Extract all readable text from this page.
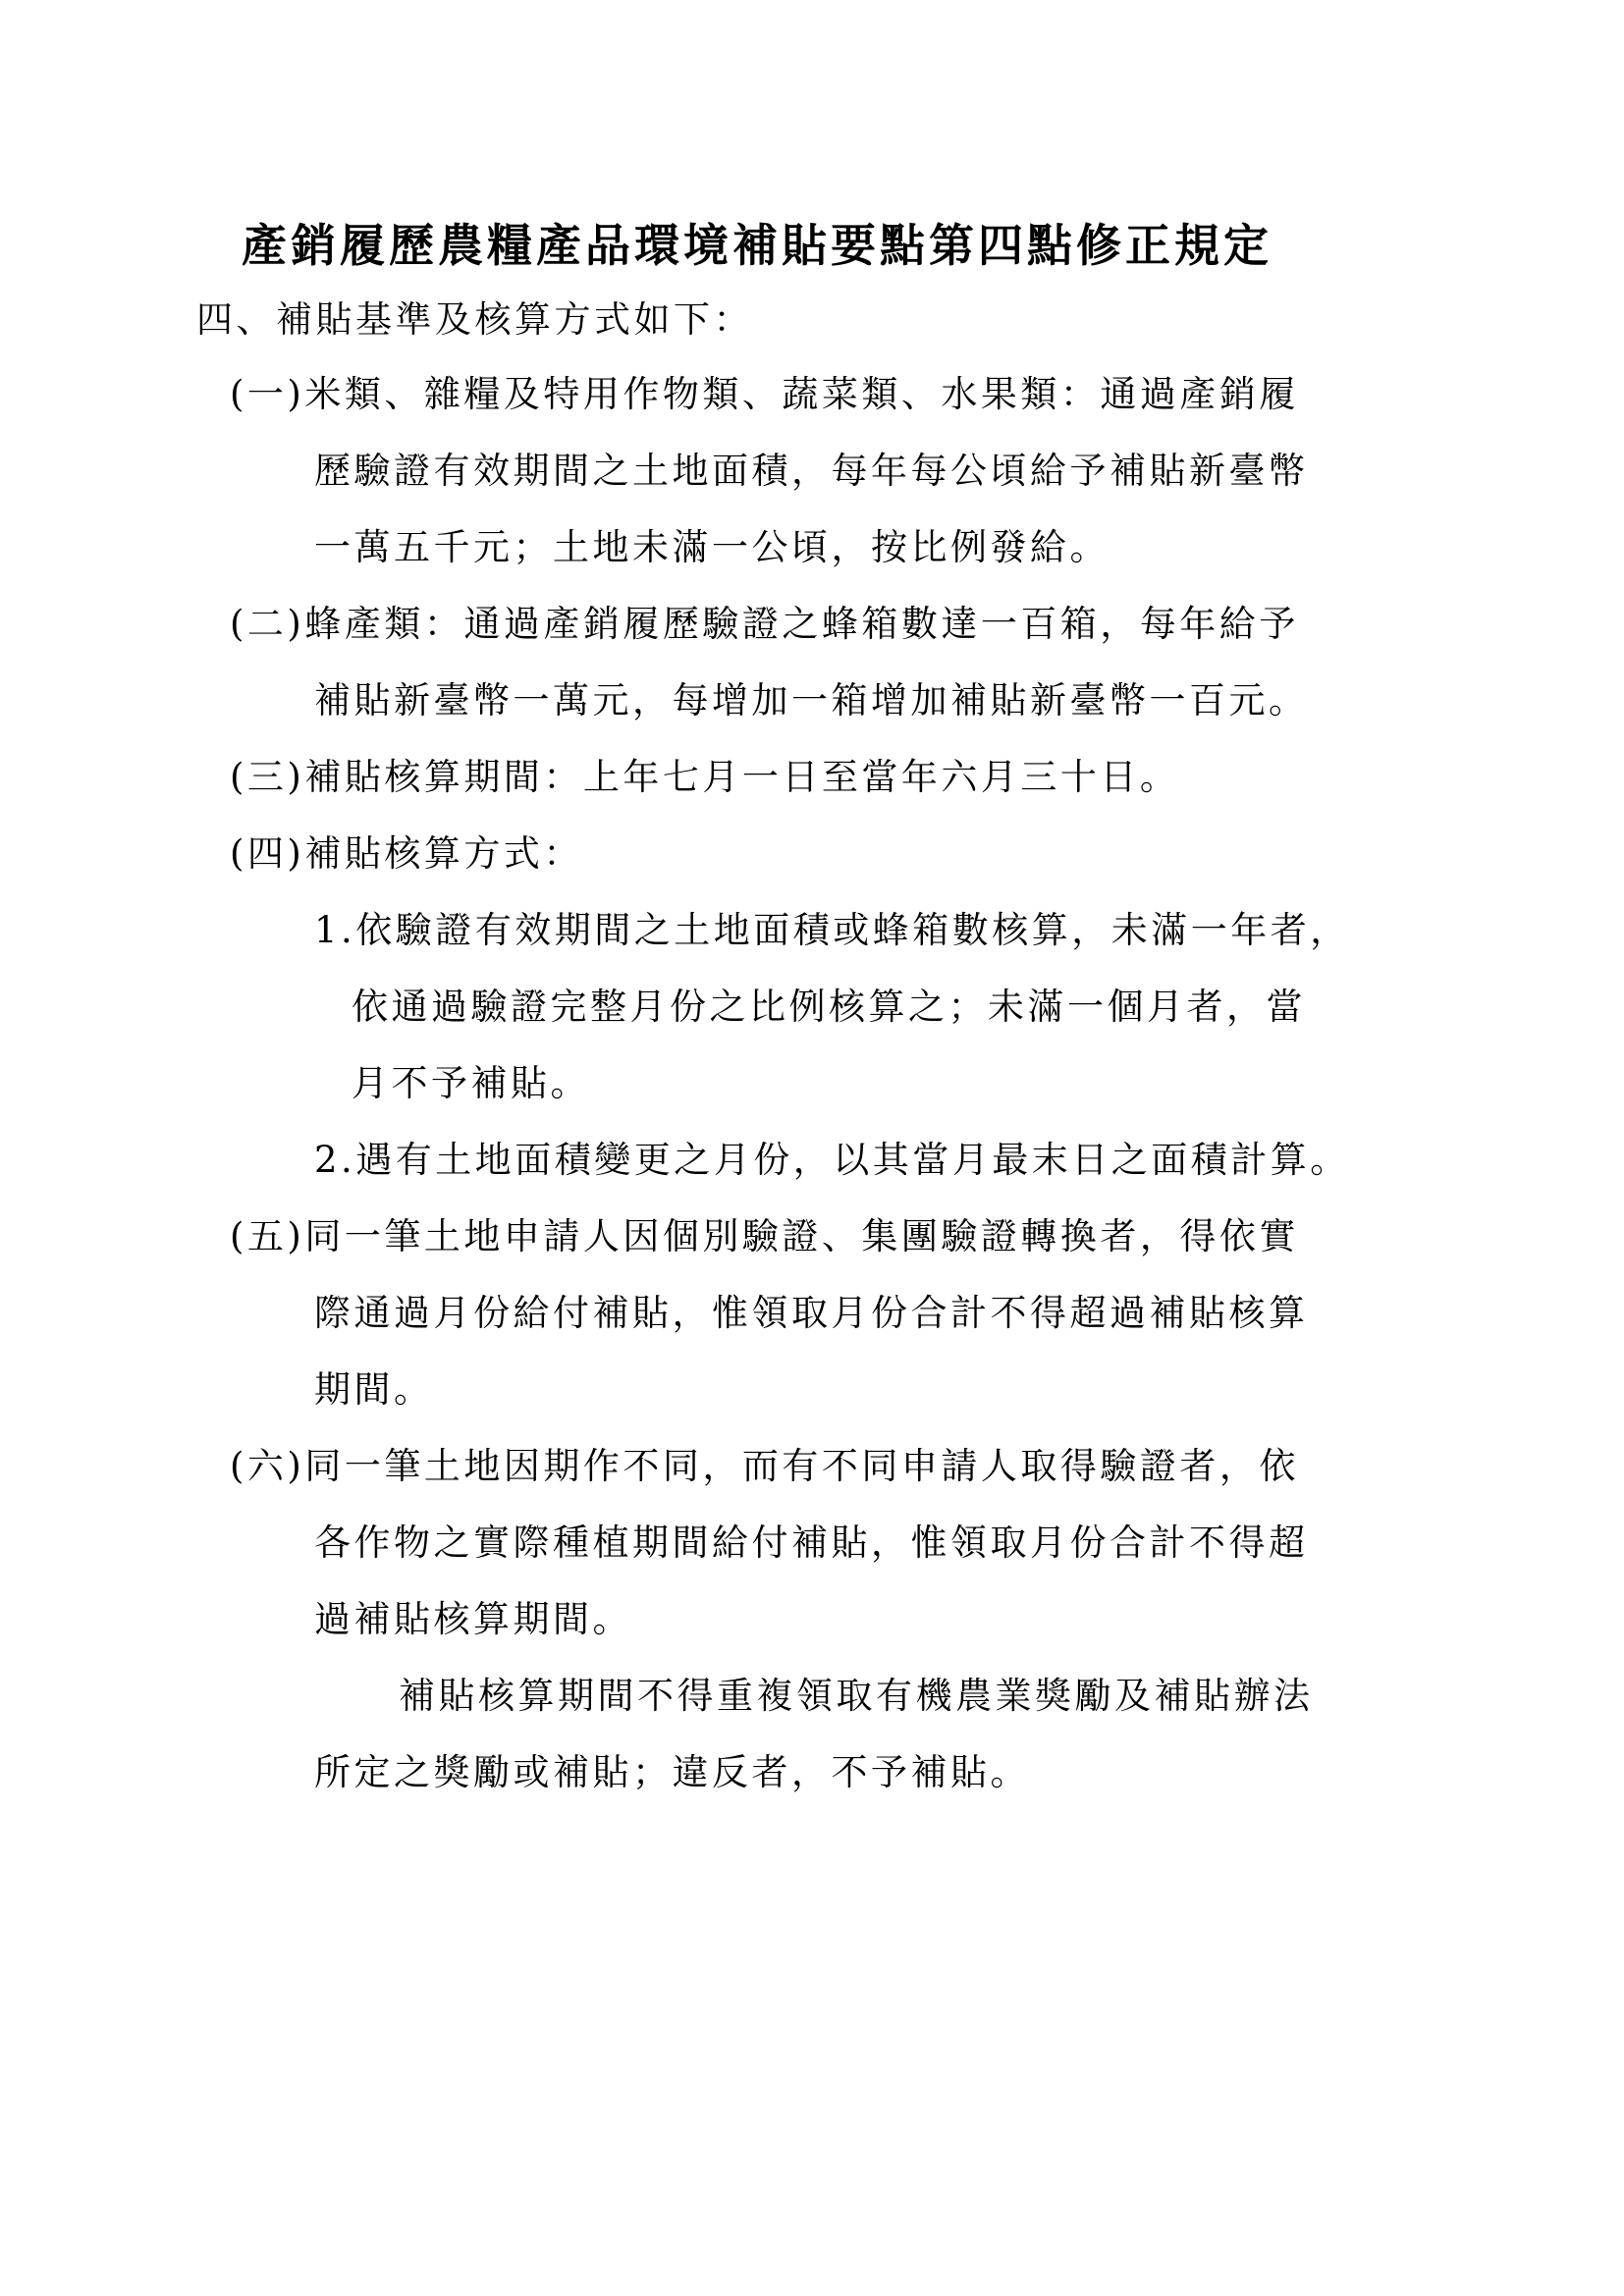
產銷履歷農糧產品環境補貼要點第四點修正規定

四、補貼基準及核算方式如下：

(一)米類、雜糧及特用作物類、蔬菜類、水果類：通過產銷履

歷驗證有效期間之土地面積，每年每公頃給予補貼新臺幣

一萬五千元；土地未滿一公頃，按比例發給。

(二)蜂產類：通過產銷履歷驗證之蜂箱數達一百箱，每年給予

補貼新臺幣一萬元，每增加一箱增加補貼新臺幣一百元。

(三)補貼核算期間：上年七月一日至當年六月三十日。

(四)補貼核算方式：

1.依驗證有效期間之土地面積或蜂箱數核算，未滿一年者，

依通過驗證完整月份之比例核算之；未滿一個月者，當

月不予補貼。

2.遇有土地面積變更之月份，以其當月最末日之面積計算。

(五)同一筆土地申請人因個別驗證、集團驗證轉換者，得依實

際通過月份給付補貼，惟領取月份合計不得超過補貼核算

期間。

(六)同一筆土地因期作不同，而有不同申請人取得驗證者，依

各作物之實際種植期間給付補貼，惟領取月份合計不得超

過補貼核算期間。

補貼核算期間不得重複領取有機農業獎勵及補貼辦法

所定之獎勵或補貼；違反者，不予補貼。
